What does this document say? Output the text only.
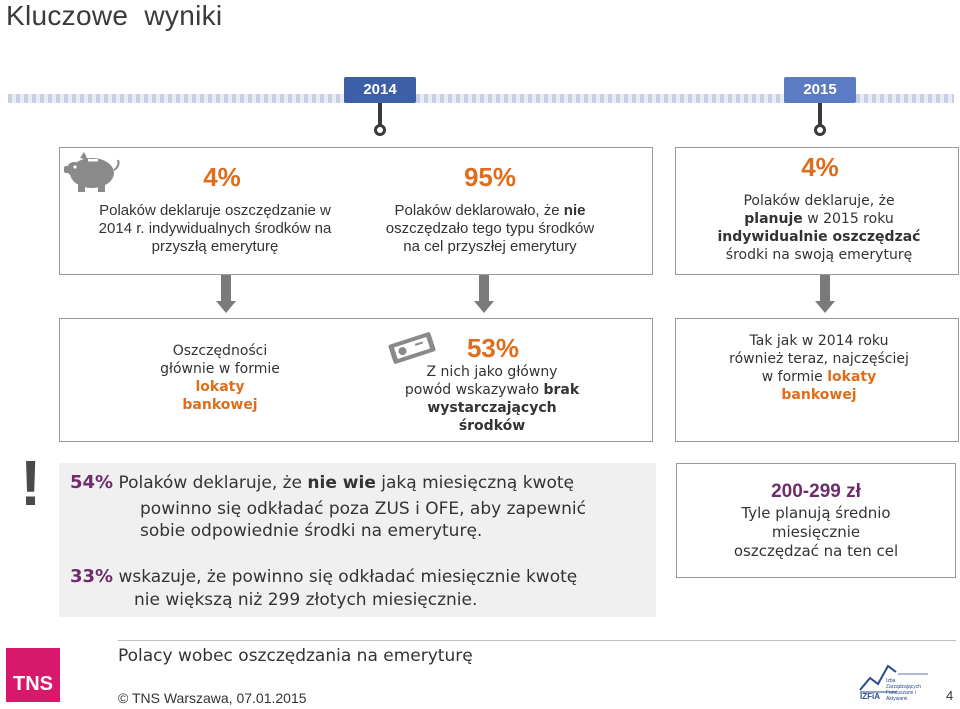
Kluczowe  wyniki
2014	2015
4%
Polaków deklaruje oszczędzanie w 2014 r. indywidualnych środków na przyszłą emeryturę
95%
Polaków deklarowało, że nie
oszczędzało tego typu środków
na cel przyszłej emerytury
4%
Polaków deklaruje, że
planuje w 2015 roku
indywidualnie oszczędzać
środki na swoją emeryturę
Oszczędności
głównie w formie
lokaty
bankowej
53%
Z nich jako główny
powód wskazywało brak
wystarczających
środków
Tak jak w 2014 roku
również teraz, najczęściej
w formie lokaty
bankowej
! 54% Polaków deklaruje, że nie wie jaką miesięczną kwotę
powinno się odkładać poza ZUS i OFE, aby zapewnić
sobie odpowiednie środki na emeryturę.
33% wskazuje, że powinno się odkładać miesięcznie kwotę
nie większą niż 299 złotych miesięcznie.
200-299 zł
Tyle planują średnio
miesięcznie
oszczędzać na ten cel
TNS
Polacy wobec oszczędzania na emeryturę
© TNS Warszawa, 07.01.2015
Izba Zarządzających Funduszami i Aktywami
IZFiA	4
